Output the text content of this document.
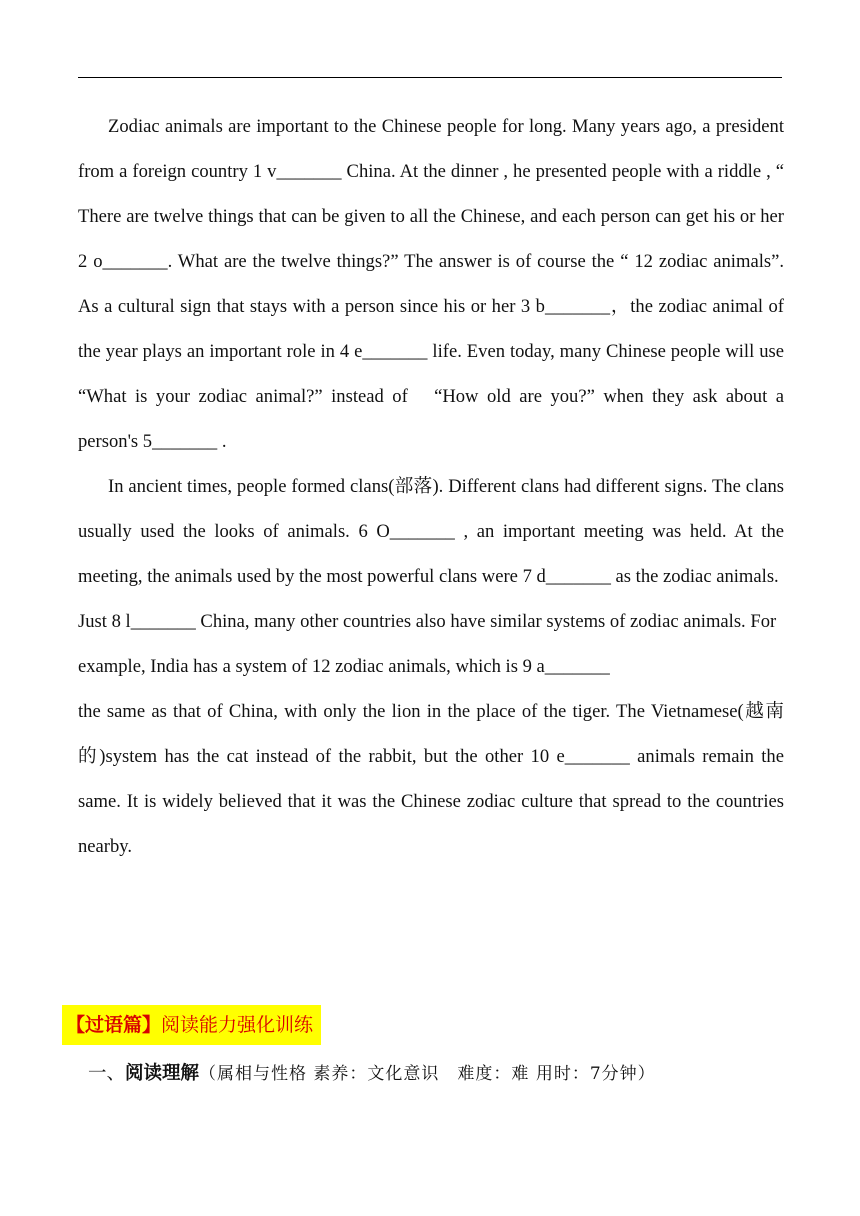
Zodiac animals are important to the Chinese people for long. Many years ago, a president from a foreign country 1 v_______ China. At the dinner , he presented people with a riddle , “ There are twelve things that can be given to all the Chinese, and each person can get his or her 2 o_______. What are the twelve things?” The answer is of course the “ 12 zodiac animals”. As a cultural sign that stays with a person since his or her 3 b_______，the zodiac animal of the year plays an important role in 4 e_______ life. Even today, many Chinese people will use “What is your zodiac animal?” instead of　“How old are you?” when they ask about a person's 5_______ .

In ancient times, people formed clans(部落). Different clans had different signs. The clans usually used the looks of animals. 6 O_______ , an important meeting was held. At the meeting, the animals used by the most powerful clans were 7 d_______ as the zodiac animals.

Just 8 l_______ China, many other countries also have similar systems of zodiac animals. For example, India has a system of 12 zodiac animals, which is 9 a_______

the same as that of China, with only the lion in the place of the tiger. The Vietnamese(越南的)system has the cat instead of the rabbit, but the other 10 e_______ animals remain the same. It is widely believed that it was the Chinese zodiac culture that spread to the countries nearby.

【过语篇】阅读能力强化训练
一、阅读理解（属相与性格 素养：文化意识　难度：难 用时：7分钟）
